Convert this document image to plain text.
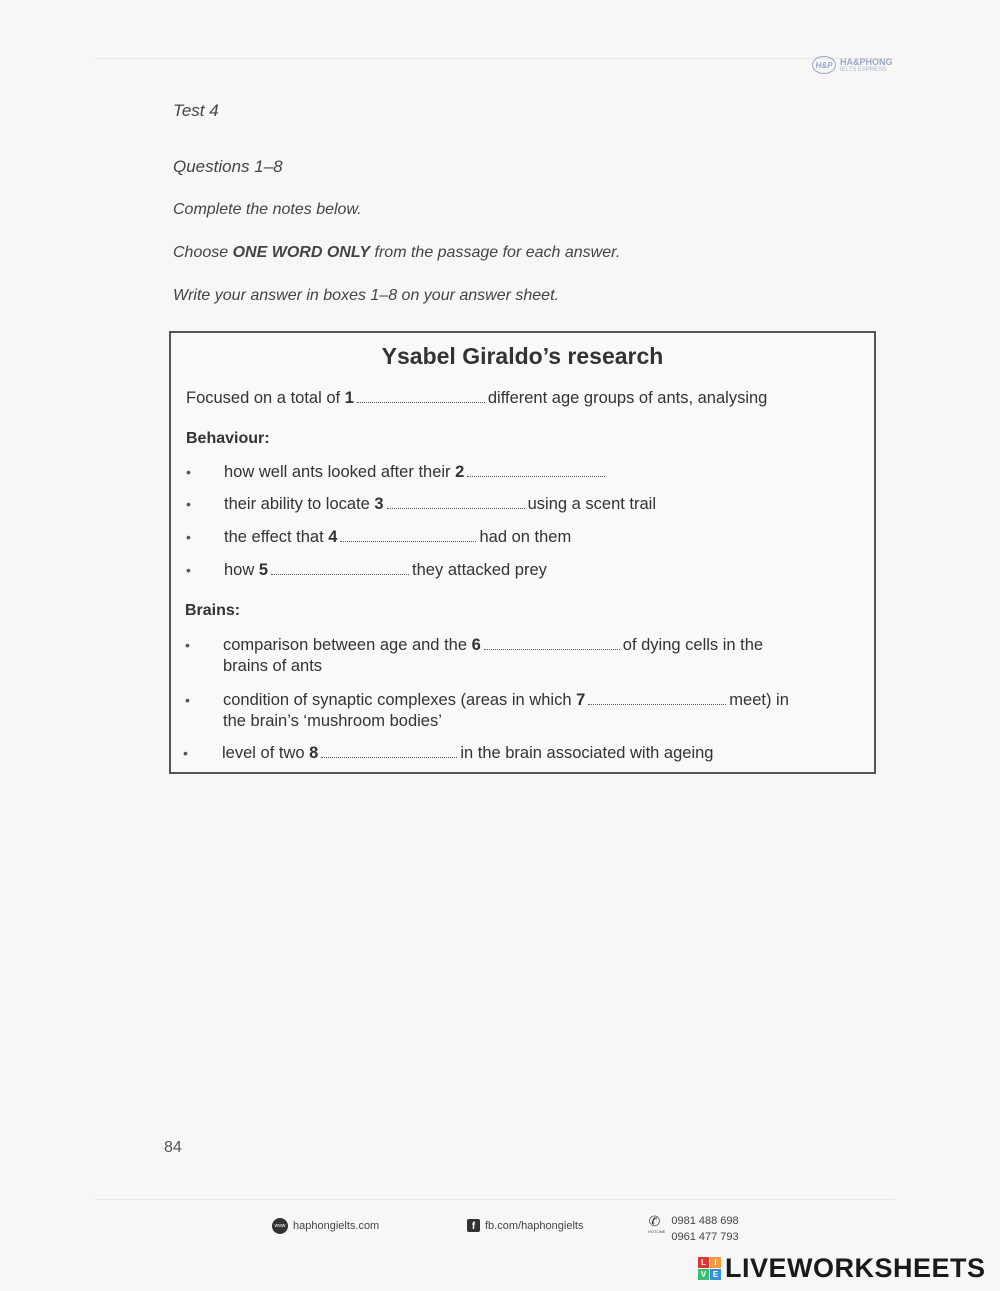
H&P HA&PHONG
IELTS EXPRESS
Test 4
Questions 1–8
Complete the notes below.
Choose ONE WORD ONLY from the passage for each answer.
Write your answer in boxes 1–8 on your answer sheet.
Ysabel Giraldo’s research
Focused on a total of 1	different age groups of ants, analysing
Behaviour:
• how well ants looked after their 2
• their ability to locate 3	using a scent trail
• the effect that 4	had on them
• how 5	they attacked prey
Brains:
• comparison between age and the 6	of dying cells in the
brains of ants
• condition of synaptic complexes (areas in which 7	meet) in
the brain’s ‘mushroom bodies’
• level of two 8	in the brain associated with ageing
84
www haphongielts.com	f fb.com/haphongielts	✆
HOTLINE
0981 488 698
0961 477 793
L	I
V E LIVEWORKSHEETS
